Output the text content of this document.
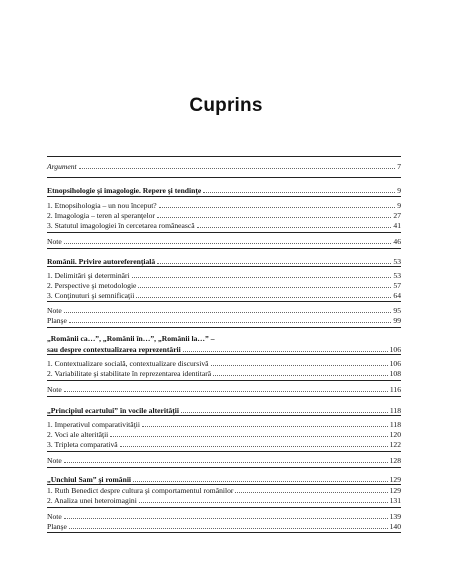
Cuprins
Argument	7
Etnopsihologie şi imagologie. Repere şi tendinţe	9
1. Etnopsihologia – un nou început?	9
2. Imagologia – teren al speranţelor	27
3. Statutul imagologiei în cercetarea românească	41
Note	46
Românii. Privire autoreferenţială	53
1. Delimitări şi determinări	53
2. Perspective şi metodologie	57
3. Conţinuturi şi semnificaţii	64
Note	95
Planşe	99
„Românii ca…”, „Românii în…”, „Românii la…” –
sau despre contextualizarea reprezentării	106
1. Contextualizare socială, contextualizare discursivă	106
2. Variabilitate şi stabilitate în reprezentarea identitară	108
Note	116
„Principiul ecartului” în vocile alterităţii	118
1. Imperativul comparativităţii	118
2. Voci ale alterităţii	120
3. Tripleta comparativă	122
Note	128
„Unchiul Sam” şi românii	129
1. Ruth Benedict despre cultura şi comportamentul românilor	129
2. Analiza unei heteroimagini	131
Note	139
Planşe	140
